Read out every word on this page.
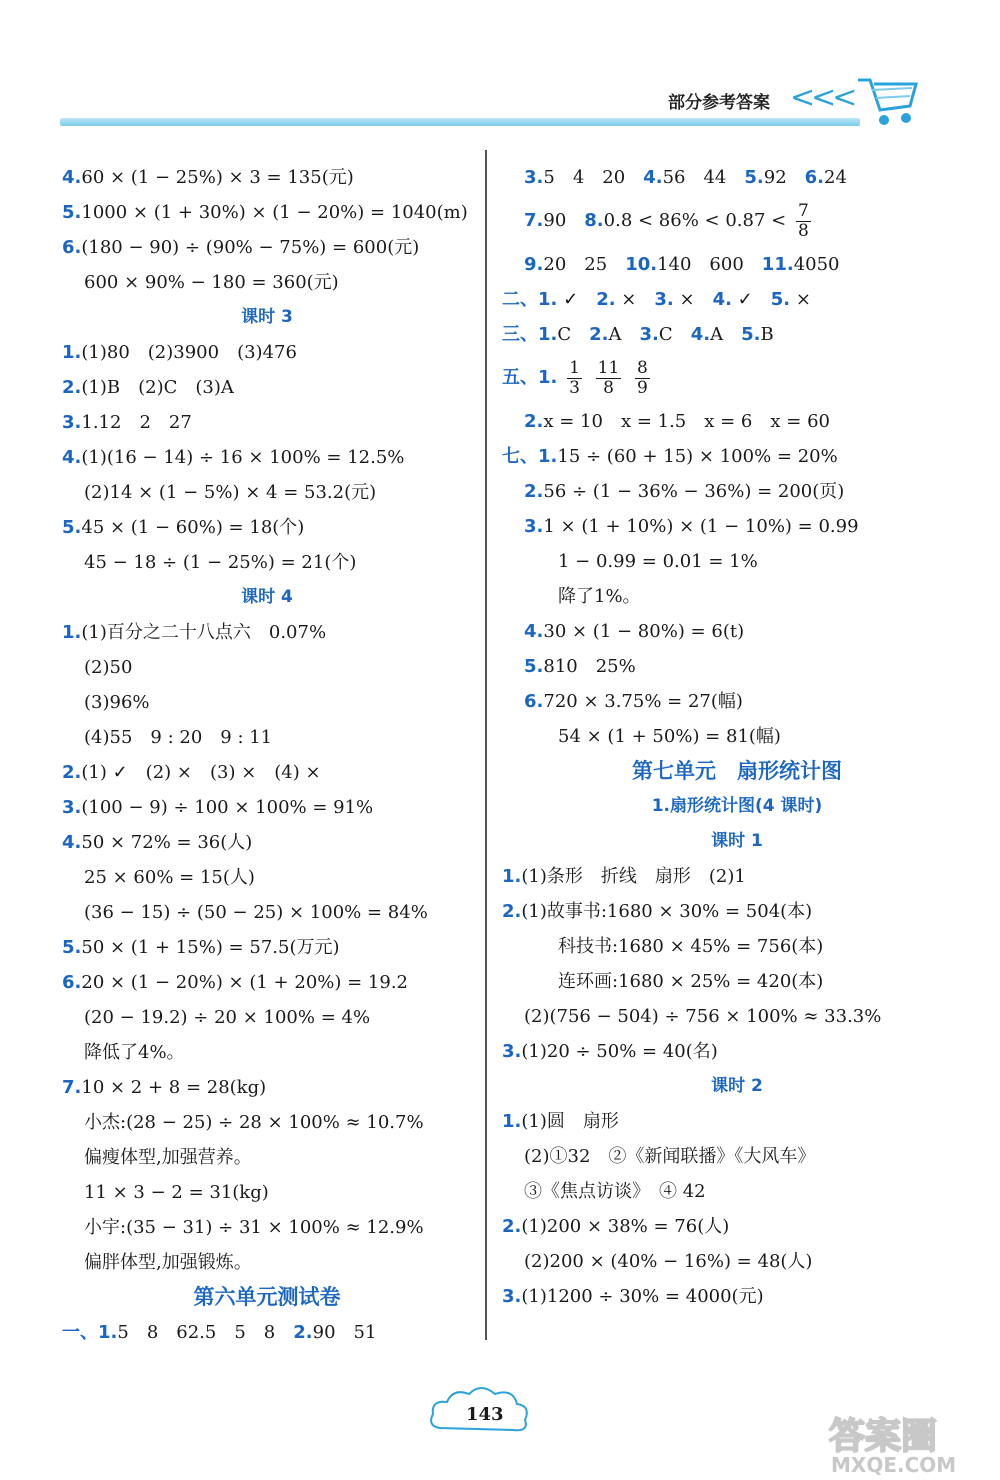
部分参考答案 <<<
4.60 × (1 − 25%) × 3 = 135(元)
5.1000 × (1 + 30%) × (1 − 20%) = 1040(m)
6.(180 − 90) ÷ (90% − 75%) = 600(元)
600 × 90% − 180 = 360(元)
课时 3
1.(1)80　(2)3900　(3)476
2.(1)B　(2)C　(3)A
3.1.12　2　27
4.(1)(16 − 14) ÷ 16 × 100% = 12.5%
(2)14 × (1 − 5%) × 4 = 53.2(元)
5.45 × (1 − 60%) = 18(个)
45 − 18 ÷ (1 − 25%) = 21(个)
课时 4
1.(1)百分之二十八点六　0.07%
(2)50
(3)96%
(4)55　9 : 20　9 : 11
2.(1) ✓　(2) ×　(3) ×　(4) ×
3.(100 − 9) ÷ 100 × 100% = 91%
4.50 × 72% = 36(人)
25 × 60% = 15(人)
(36 − 15) ÷ (50 − 25) × 100% = 84%
5.50 × (1 + 15%) = 57.5(万元)
6.20 × (1 − 20%) × (1 + 20%) = 19.2
(20 − 19.2) ÷ 20 × 100% = 4%
降低了4%。
7.10 × 2 + 8 = 28(kg)
小杰:(28 − 25) ÷ 28 × 100% ≈ 10.7%
偏瘦体型,加强营养。
11 × 3 − 2 = 31(kg)
小宇:(35 − 31) ÷ 31 × 100% ≈ 12.9%
偏胖体型,加强锻炼。
第六单元测试卷
一、1.5　8　62.5　5　8　2.90　51
3.5　4　20　4.56　44　5.92　6.24
7.90　$8.0.8 < 86\% < 0.87 < \frac{7}{8}$
9.20　25　10.140　600　11.4050
二、1. ✓　2. ×　3. ×　4. ✓　5. ×
三、1.C　2.A　3.C　4.A　5.B
五、1. $\frac{1}{3}$
$\frac{11}{8}$
$\frac{8}{9}$
2.x = 10　x = 1.5　x = 6　x = 60
七、1.15 ÷ (60 + 15) × 100% = 20%
2.56 ÷ (1 − 36% − 36%) = 200(页)
3.1 × (1 + 10%) × (1 − 10%) = 0.99
1 − 0.99 = 0.01 = 1%
降了1%。
4.30 × (1 − 80%) = 6(t)
5.810　25%
6.720 × 3.75% = 27(幅)
54 × (1 + 50%) = 81(幅)
第七单元　扇形统计图
1.扇形统计图(4 课时)
课时 1
1.(1)条形　折线　扇形　(2)1
2.(1)故事书:1680 × 30% = 504(本)
科技书:1680 × 45% = 756(本)
连环画:1680 × 25% = 420(本)
(2)(756 − 504) ÷ 756 × 100% ≈ 33.3%
3.(1)20 ÷ 50% = 40(名)
课时 2
1.(1)圆　扇形
(2)①32　②《新闻联播》《大风车》
③《焦点访谈》　④ 42
2.(1)200 × 38% = 76(人)
(2)200 × (40% − 16%) = 48(人)
3.(1)1200 ÷ 30% = 4000(元)
143
答案圈
MXQE.COM
